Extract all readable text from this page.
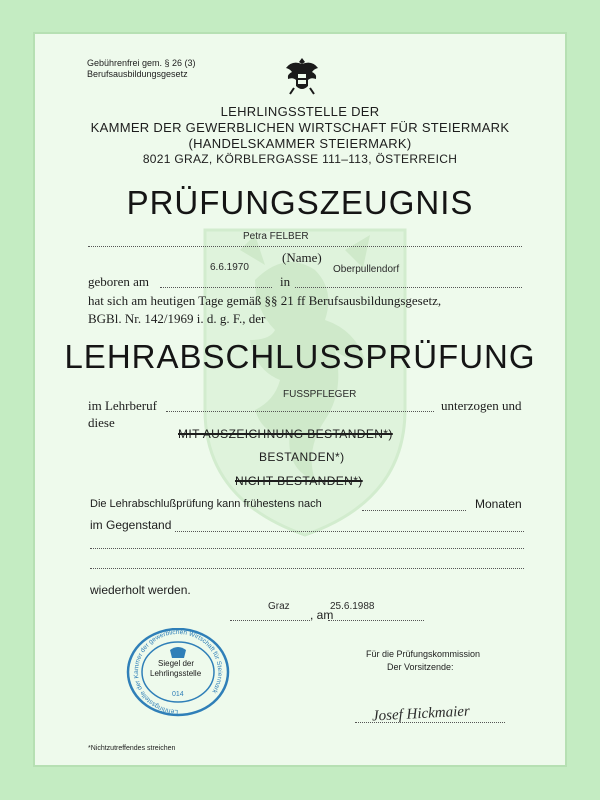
Gebührenfrei gem. § 26 (3)
Berufsausbildungsgesetz
LEHRLINGSSTELLE DER
KAMMER DER GEWERBLICHEN WIRTSCHAFT FÜR STEIERMARK
(HANDELSKAMMER STEIERMARK)
8021 GRAZ, KÖRBLERGASSE 111–113, ÖSTERREICH
PRÜFUNGSZEUGNIS
Petra FELBER
(Name)
6.6.1970	Oberpullendorf
geboren am	in
hat sich am heutigen Tage gemäß §§ 21 ff Berufsausbildungsgesetz,
BGBl. Nr. 142/1969 i. d. g. F., der
LEHRABSCHLUSSPRÜFUNG
FUSSPFLEGER
im Lehrberuf	unterzogen und
diese
MIT AUSZEICHNUNG BESTANDEN*)
BESTANDEN*)
NICHT BESTANDEN*)
Die Lehrabschlußprüfung kann frühestens nach	Monaten
im Gegenstand
wiederholt werden.
Graz	25.6.1988
, am
Lehrlingsstelle der Kammer der gewerblichen Wirtschaft für Steiermark
Siegel der
Lehrlingsstelle
014
Für die Prüfungskommission
Der Vorsitzende:
Josef Hickmaier
*Nichtzutreffendes streichen
